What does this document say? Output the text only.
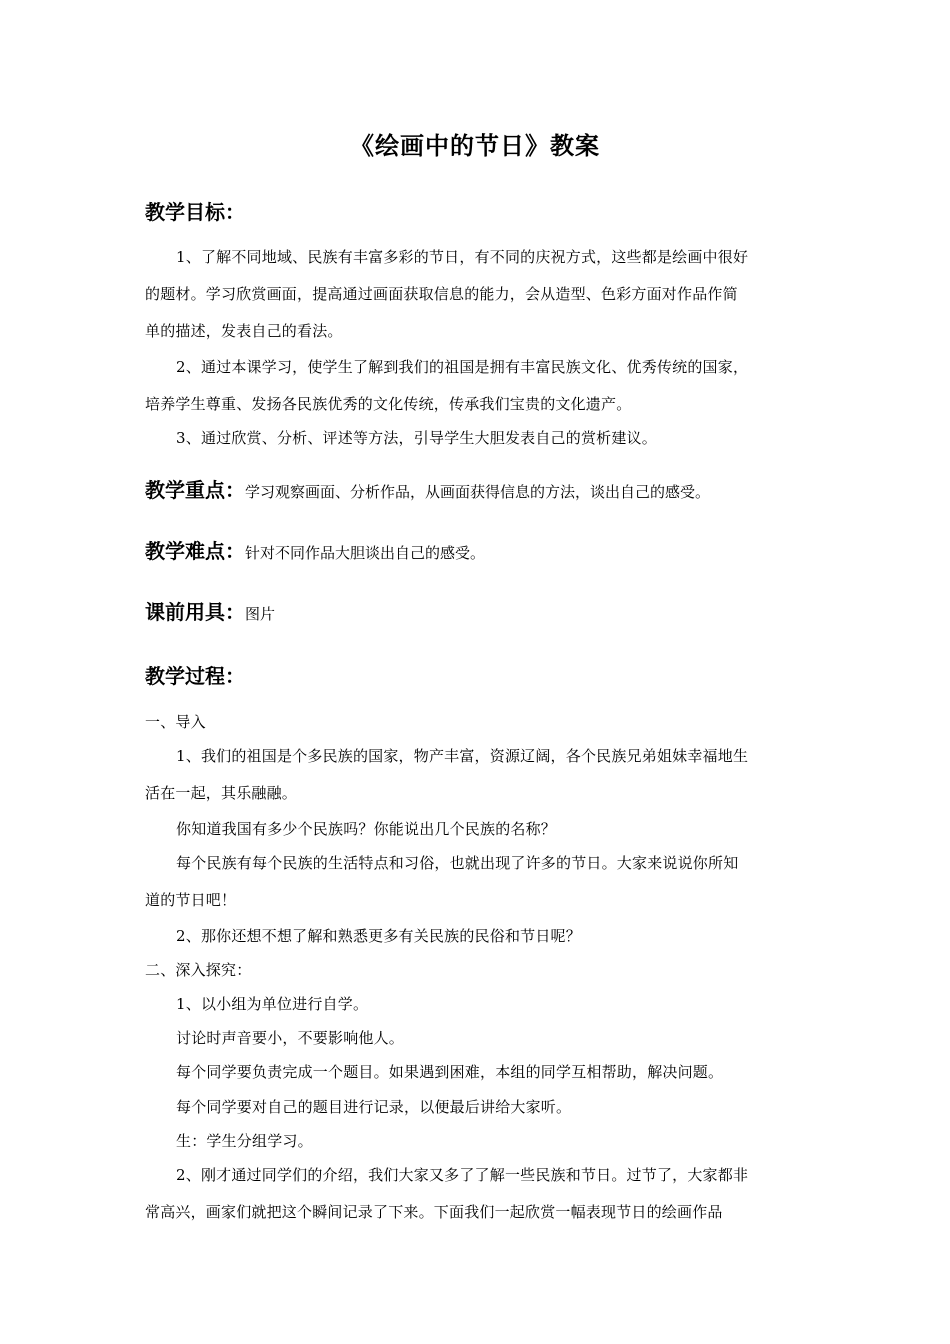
《绘画中的节日》教案
教学目标：
1、了解不同地域、民族有丰富多彩的节日，有不同的庆祝方式，这些都是绘画中很好
的题材。学习欣赏画面，提高通过画面获取信息的能力，会从造型、色彩方面对作品作简
单的描述，发表自己的看法。
2、通过本课学习，使学生了解到我们的祖国是拥有丰富民族文化、优秀传统的国家，
培养学生尊重、发扬各民族优秀的文化传统，传承我们宝贵的文化遗产。
3、通过欣赏、分析、评述等方法，引导学生大胆发表自己的赏析建议。
教学重点：学习观察画面、分析作品，从画面获得信息的方法，谈出自己的感受。
教学难点：针对不同作品大胆谈出自己的感受。
课前用具：图片
教学过程：
一、导入
1、我们的祖国是个多民族的国家，物产丰富，资源辽阔，各个民族兄弟姐妹幸福地生
活在一起，其乐融融。
你知道我国有多少个民族吗？你能说出几个民族的名称？
每个民族有每个民族的生活特点和习俗，也就出现了许多的节日。大家来说说你所知
道的节日吧！
2、那你还想不想了解和熟悉更多有关民族的民俗和节日呢？
二、深入探究：
1、以小组为单位进行自学。
讨论时声音要小，不要影响他人。
每个同学要负责完成一个题目。如果遇到困难，本组的同学互相帮助，解决问题。
每个同学要对自己的题目进行记录，以便最后讲给大家听。
生：学生分组学习。
2、刚才通过同学们的介绍，我们大家又多了了解一些民族和节日。过节了，大家都非
常高兴，画家们就把这个瞬间记录了下来。下面我们一起欣赏一幅表现节日的绘画作品
